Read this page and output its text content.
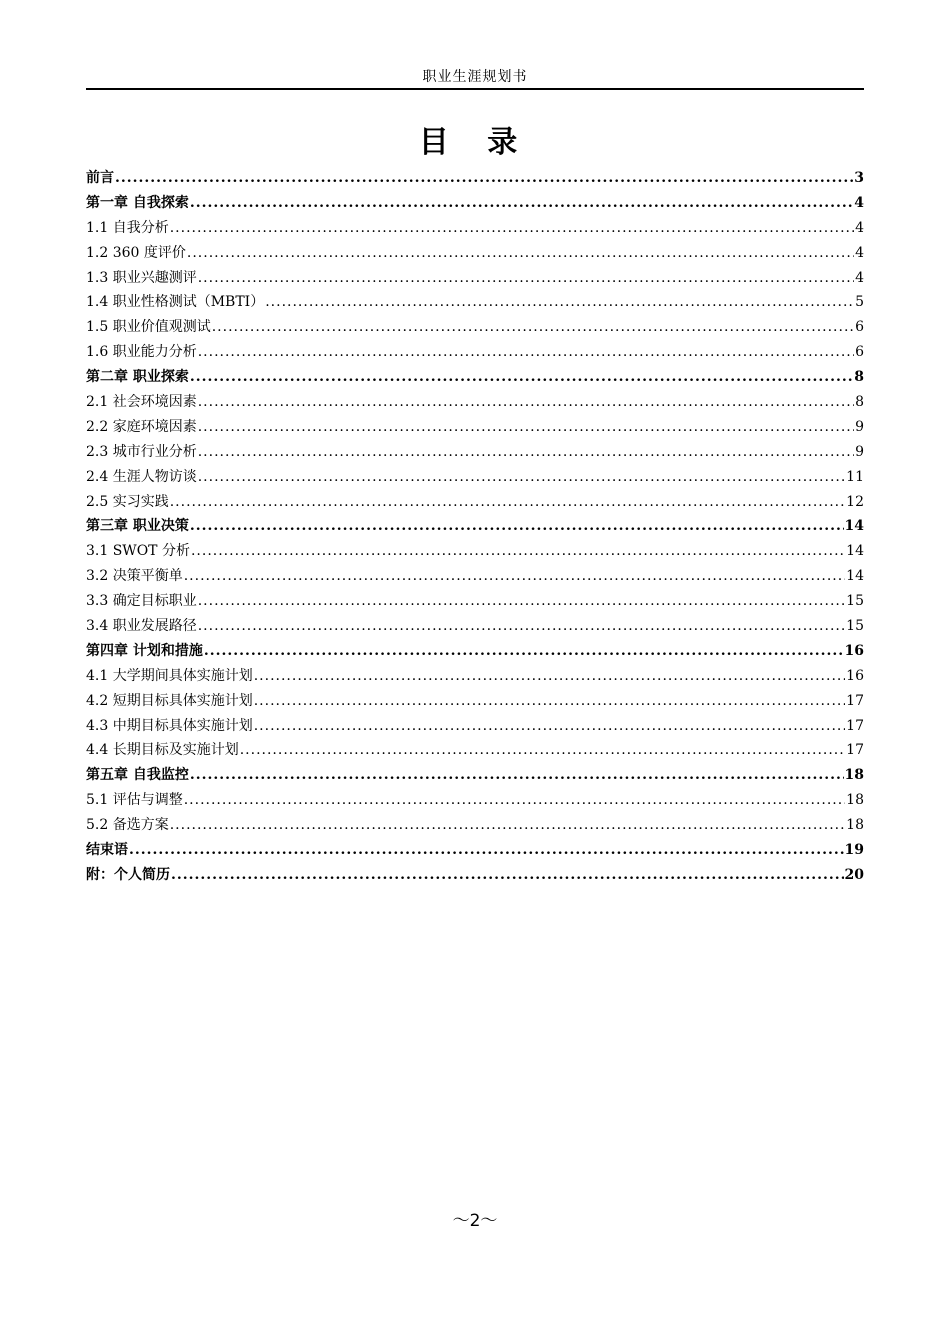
职业生涯规划书
目 录
前言 .....	3
第一章 自我探索 .....	4
1.1 自我分析 .....	4
1.2 360 度评价 .....	4
1.3 职业兴趣测评 .....	4
1.4 职业性格测试（MBTI） .....	5
1.5 职业价值观测试 .....	6
1.6 职业能力分析 .....	6
第二章 职业探索 .....	8
2.1 社会环境因素 .....	8
2.2 家庭环境因素 .....	9
2.3 城市行业分析 .....	9
2.4 生涯人物访谈 .....	11
2.5 实习实践 .....	12
第三章 职业决策 .....	14
3.1 SWOT 分析 .....	14
3.2 决策平衡单 .....	14
3.3 确定目标职业 .....	15
3.4 职业发展路径 .....	15
第四章 计划和措施 .....	16
4.1 大学期间具体实施计划 .....	16
4.2 短期目标具体实施计划 .....	17
4.3 中期目标具体实施计划 .....	17
4.4 长期目标及实施计划 .....	17
第五章 自我监控 .....	18
5.1 评估与调整 .....	18
5.2 备选方案 .....	18
结束语 .....	19
附：个人简历 .....	20
～2～
